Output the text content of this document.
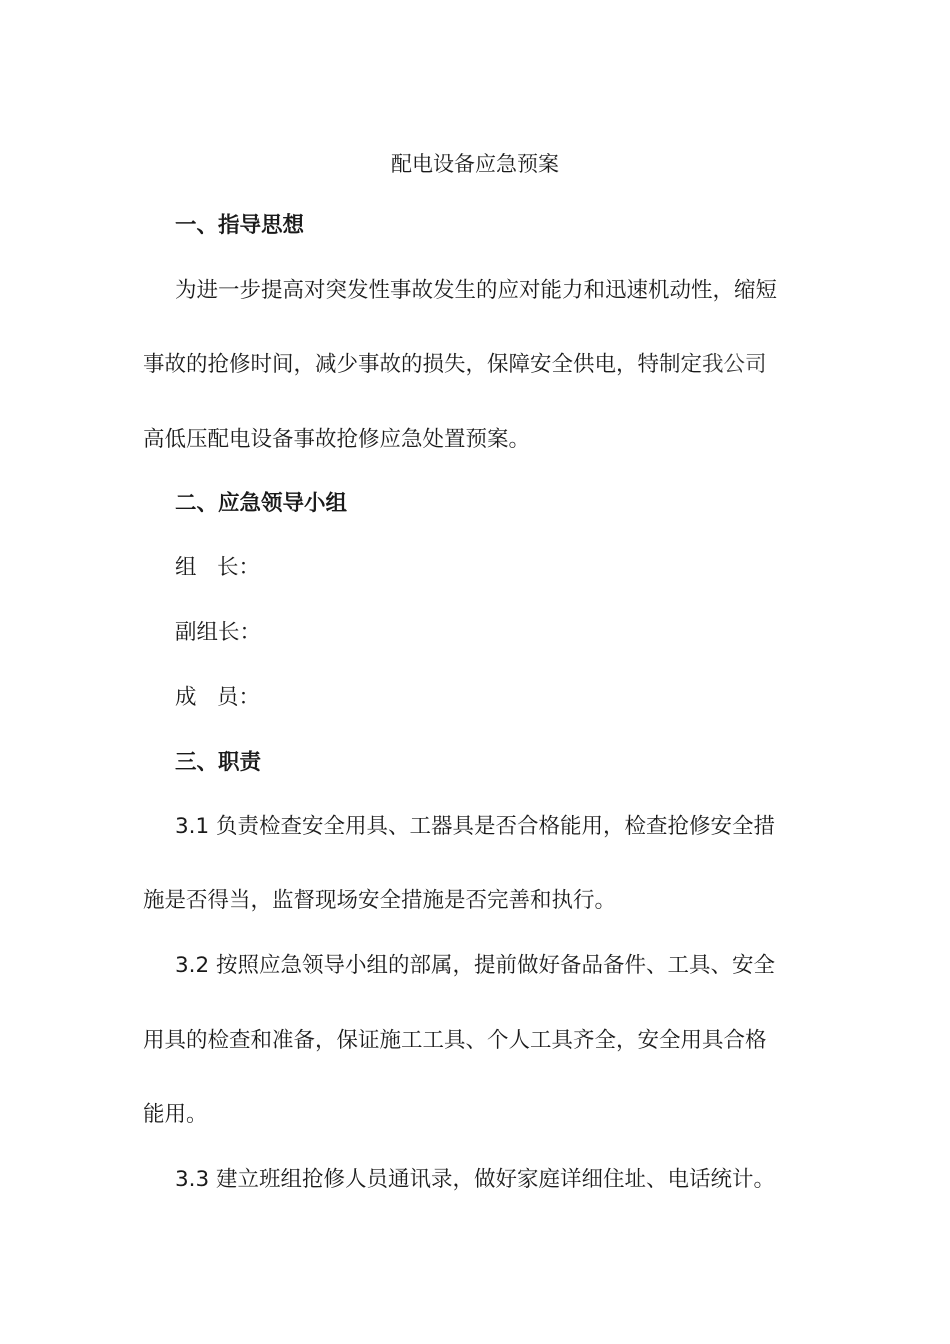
配电设备应急预案
一、指导思想
为进一步提高对突发性事故发生的应对能力和迅速机动性，缩短
事故的抢修时间，减少事故的损失，保障安全供电，特制定我公司
高低压配电设备事故抢修应急处置预案。
二、应急领导小组
组   长：
副组长：
成   员：
三、职责
3.1 负责检查安全用具、工器具是否合格能用，检查抢修安全措
施是否得当，监督现场安全措施是否完善和执行。
3.2 按照应急领导小组的部属，提前做好备品备件、工具、安全
用具的检查和准备，保证施工工具、个人工具齐全，安全用具合格
能用。
3.3 建立班组抢修人员通讯录，做好家庭详细住址、电话统计。
